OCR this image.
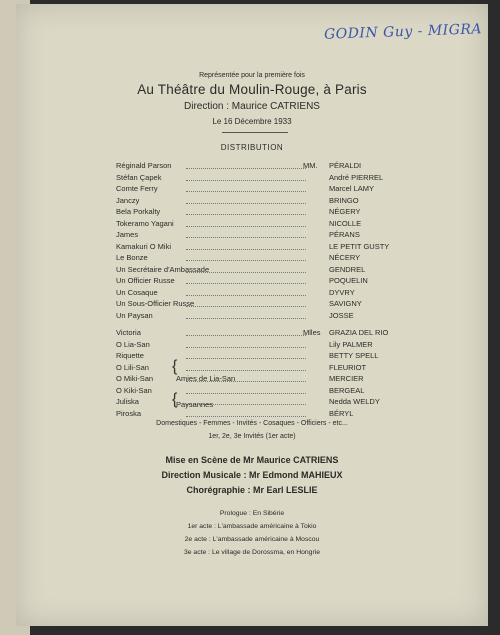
GODIN Guy - MIGRA
Représentée pour la première fois
Au Théâtre du Moulin-Rouge, à Paris
Direction : Maurice CATRIENS
Le 16 Décembre 1933
DISTRIBUTION
Réginald Parson	MM. PÉRALDI
Stéfan Çapek	André PIERREL
Comte Ferry	Marcel LAMY
Janczy	BRINGO
Bela Porkalty	NÉGERY
Tokeramo Yagani	NICOLLE
James	PÉRANS
Kamakuri O Miki	LE PETIT GUSTY
Le Bonze	NÉCERY
Un Secrétaire d'Ambassade	GENDREL
Un Officier Russe	POQUELIN
Un Cosaque	DYVRY
Un Sous-Officier Russe	SAVIGNY
Un Paysan	JOSSE
Victoria	Mlles GRAZIA DEL RIO
O Lia-San	Lily PALMER
Riquette	BETTY SPELL
O Lili-San	FLEURIOT
O Miki-San	MERCIER
O Kiki-San	BERGEAL
Juliska	Nedda WELDY
Piroska	BÉRYL
{
Amies de Lia-San
{
Paysannes
Domestiques - Femmes - Invités - Cosaques - Officiers - etc...
1er, 2e, 3e Invités (1er acte)
Mise en Scène de Mr Maurice CATRIENS
Direction Musicale : Mr Edmond MAHIEUX
Chorégraphie : Mr Earl LESLIE
Prologue : En Sibérie
1er acte : L'ambassade américaine à Tokio
2e acte : L'ambassade américaine à Moscou
3e acte : Le village de Dorossma, en Hongrie
